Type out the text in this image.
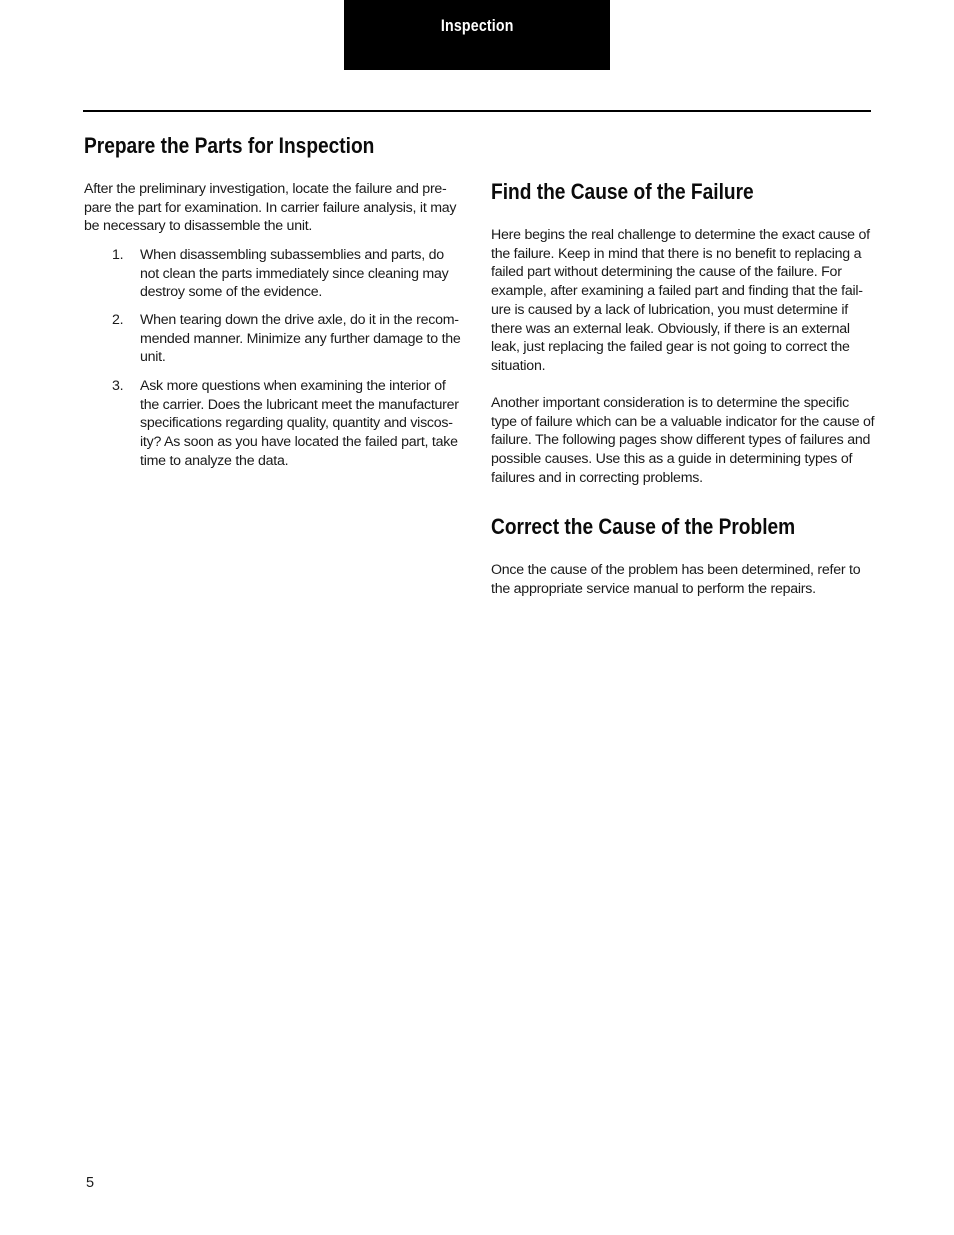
Inspection
Prepare the Parts for Inspection

After the preliminary investigation, locate the failure and pre-pare the part for examination. In carrier failure analysis, it may be necessary to disassemble the unit.

1. When disassembling subassemblies and parts, do not clean the parts immediately since cleaning may destroy some of the evidence.
2. When tearing down the drive axle, do it in the recom-mended manner. Minimize any further damage to the unit.
3. Ask more questions when examining the interior of the carrier. Does the lubricant meet the manufacturer specifications regarding quality, quantity and viscos-ity? As soon as you have located the failed part, take time to analyze the data.
Find the Cause of the Failure

Here begins the real challenge to determine the exact cause of the failure. Keep in mind that there is no benefit to replacing a failed part without determining the cause of the failure. For example, after examining a failed part and finding that the fail-ure is caused by a lack of lubrication, you must determine if there was an external leak. Obviously, if there is an external leak, just replacing the failed gear is not going to correct the situation.

Another important consideration is to determine the specific type of failure which can be a valuable indicator for the cause of failure. The following pages show different types of failures and possible causes. Use this as a guide in determining types of failures and in correcting problems.

Correct the Cause of the Problem

Once the cause of the problem has been determined, refer to the appropriate service manual to perform the repairs.

5
